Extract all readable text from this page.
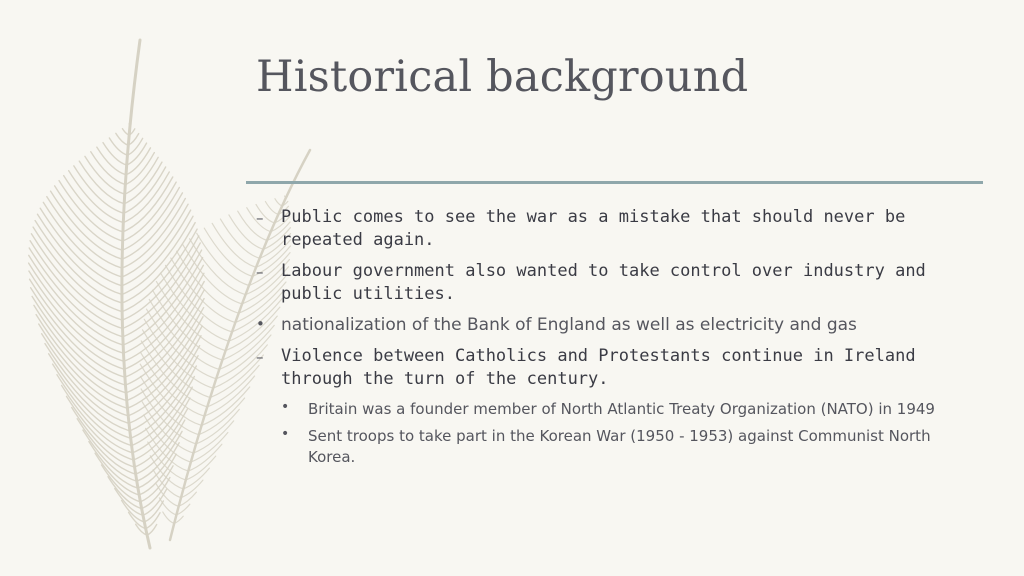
Historical background
– Public comes to see the war as a mistake that should never be repeated again.
– Labour government also wanted to take control over industry and public utilities.
• nationalization of the Bank of England as well as electricity and gas
– Violence between Catholics and Protestants continue in Ireland through the turn of the century.
• Britain was a founder member of North Atlantic Treaty Organization (NATO) in 1949
• Sent troops to take part in the Korean War (1950 - 1953) against Communist North Korea.
